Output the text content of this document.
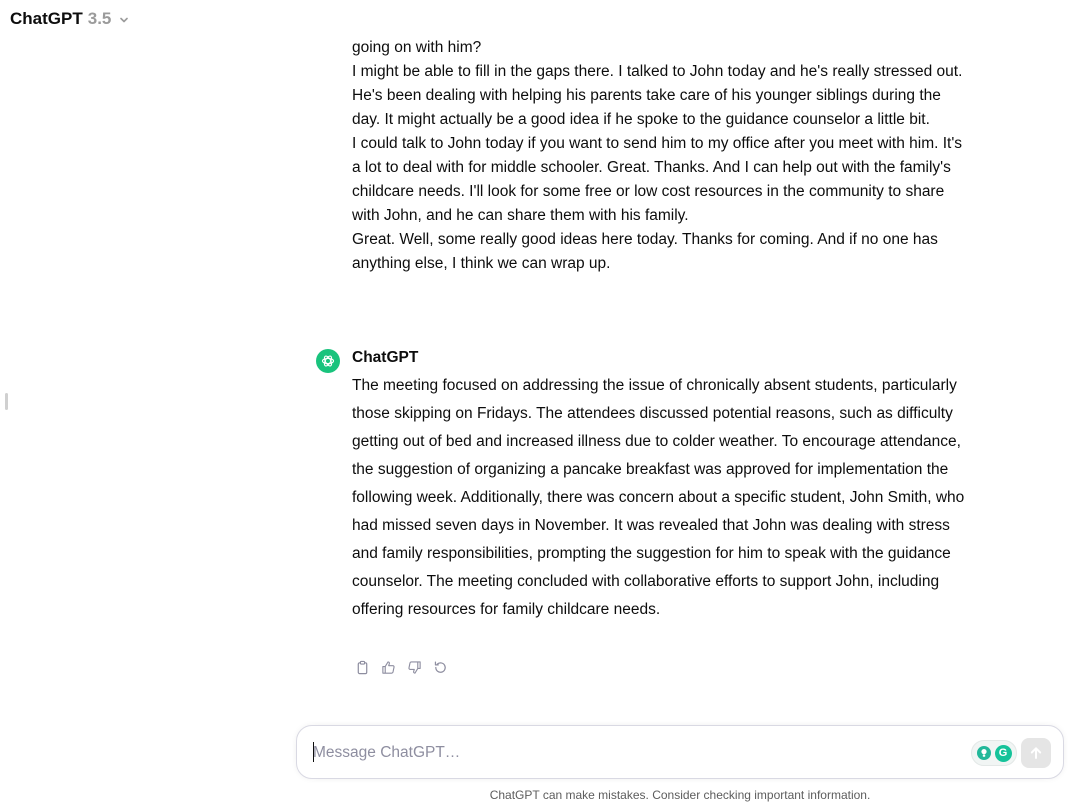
ChatGPT 3.5

going on with him?

I might be able to fill in the gaps there. I talked to John today and he's really stressed out. He's been dealing with helping his parents take care of his younger siblings during the day. It might actually be a good idea if he spoke to the guidance counselor a little bit.

I could talk to John today if you want to send him to my office after you meet with him. It's a lot to deal with for middle schooler. Great. Thanks. And I can help out with the family's childcare needs. I'll look for some free or low cost resources in the community to share with John, and he can share them with his family.

Great. Well, some really good ideas here today. Thanks for coming. And if no one has anything else, I think we can wrap up.

ChatGPT
The meeting focused on addressing the issue of chronically absent students, particularly those skipping on Fridays. The attendees discussed potential reasons, such as difficulty getting out of bed and increased illness due to colder weather. To encourage attendance, the suggestion of organizing a pancake breakfast was approved for implementation the following week. Additionally, there was concern about a specific student, John Smith, who had missed seven days in November. It was revealed that John was dealing with stress and family responsibilities, prompting the suggestion for him to speak with the guidance counselor. The meeting concluded with collaborative efforts to support John, including offering resources for family childcare needs.
Message ChatGPT…
G
ChatGPT can make mistakes. Consider checking important information.
